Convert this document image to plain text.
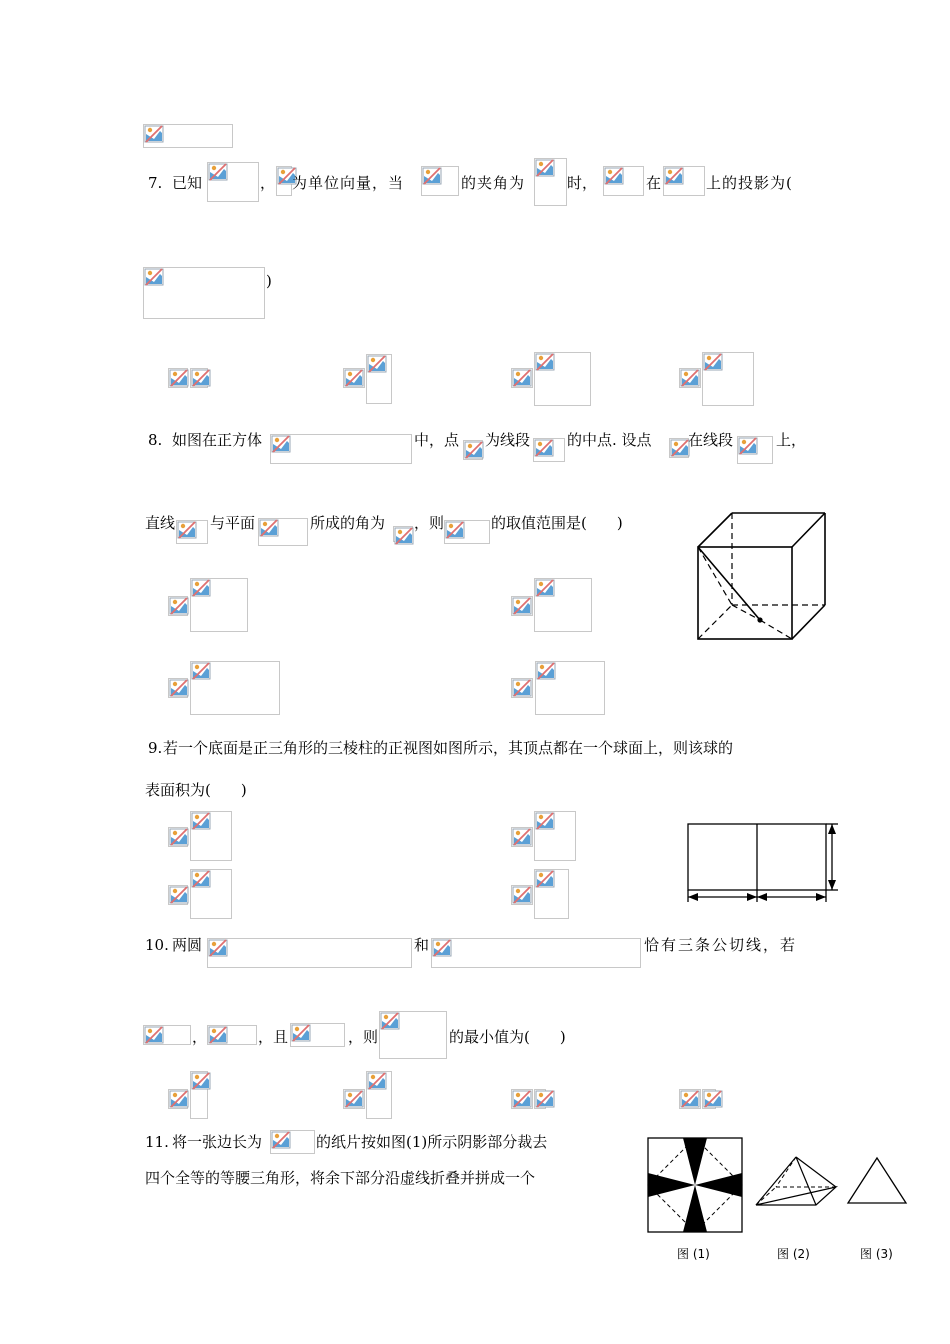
7. 已知	， 为单位向量，当	的夹角为	时，	在	上的投影为(
)
8. 如图在正方体	中，点 为线段 的中点. 设点 在线段	上，
直线 与平面	所成的角为 ，则	的取值范围是(　　)
9. 若一个底面是正三角形的三棱柱的正视图如图所示，其顶点都在一个球面上，则该球的
表面积为(　　)
10. 两圆	和	恰有三条公切线，若
，	，且	，则	的最小值为(　　)
11. 将一张边长为	的纸片按如图(1)所示阴影部分裁去
四个全等的等腰三角形，将余下部分沿虚线折叠并拼成一个
图 (1)	图 (2)	图 (3)
